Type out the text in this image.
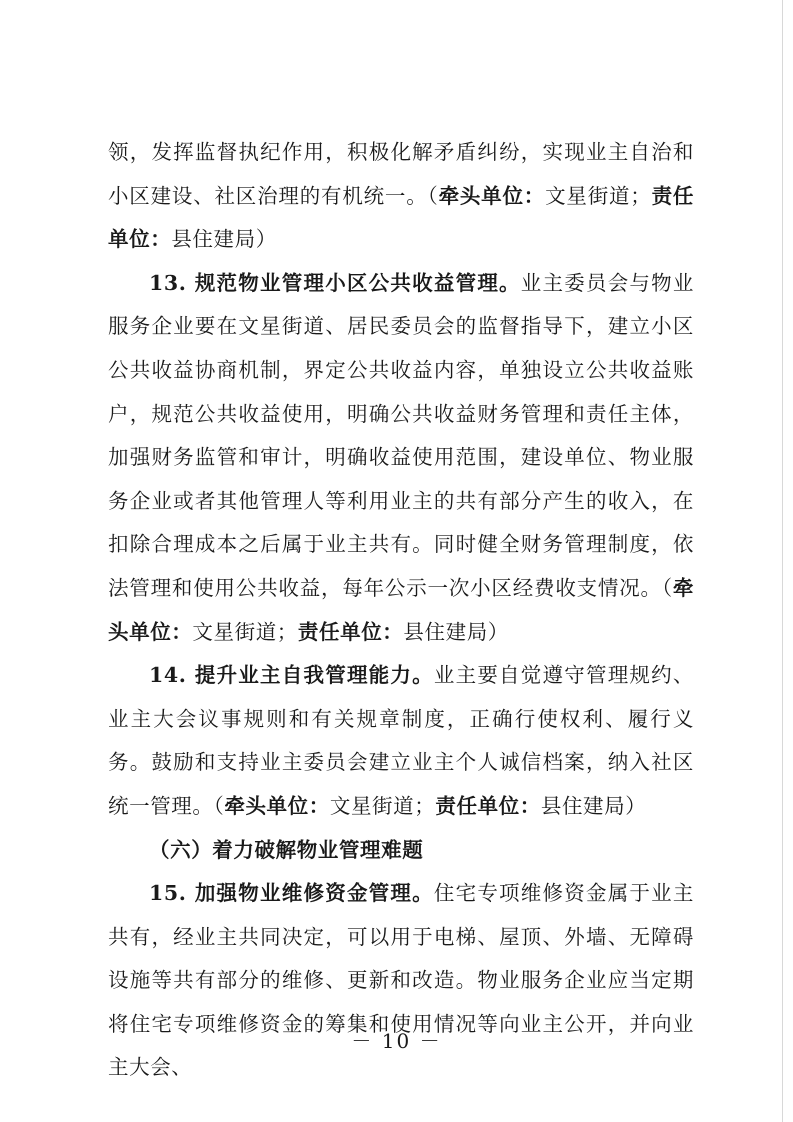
领，发挥监督执纪作用，积极化解矛盾纠纷，实现业主自治和小区建设、社区治理的有机统一。（牵头单位：文星街道；责任单位：县住建局）

13. 规范物业管理小区公共收益管理。业主委员会与物业服务企业要在文星街道、居民委员会的监督指导下，建立小区公共收益协商机制，界定公共收益内容，单独设立公共收益账户，规范公共收益使用，明确公共收益财务管理和责任主体，加强财务监管和审计，明确收益使用范围，建设单位、物业服务企业或者其他管理人等利用业主的共有部分产生的收入，在扣除合理成本之后属于业主共有。同时健全财务管理制度，依法管理和使用公共收益，每年公示一次小区经费收支情况。（牵头单位：文星街道；责任单位：县住建局）

14. 提升业主自我管理能力。业主要自觉遵守管理规约、业主大会议事规则和有关规章制度，正确行使权利、履行义务。鼓励和支持业主委员会建立业主个人诚信档案，纳入社区统一管理。（牵头单位：文星街道；责任单位：县住建局）

（六）着力破解物业管理难题

15. 加强物业维修资金管理。住宅专项维修资金属于业主共有，经业主共同决定，可以用于电梯、屋顶、外墙、无障碍设施等共有部分的维修、更新和改造。物业服务企业应当定期将住宅专项维修资金的筹集和使用情况等向业主公开，并向业主大会、

－ 10 －
